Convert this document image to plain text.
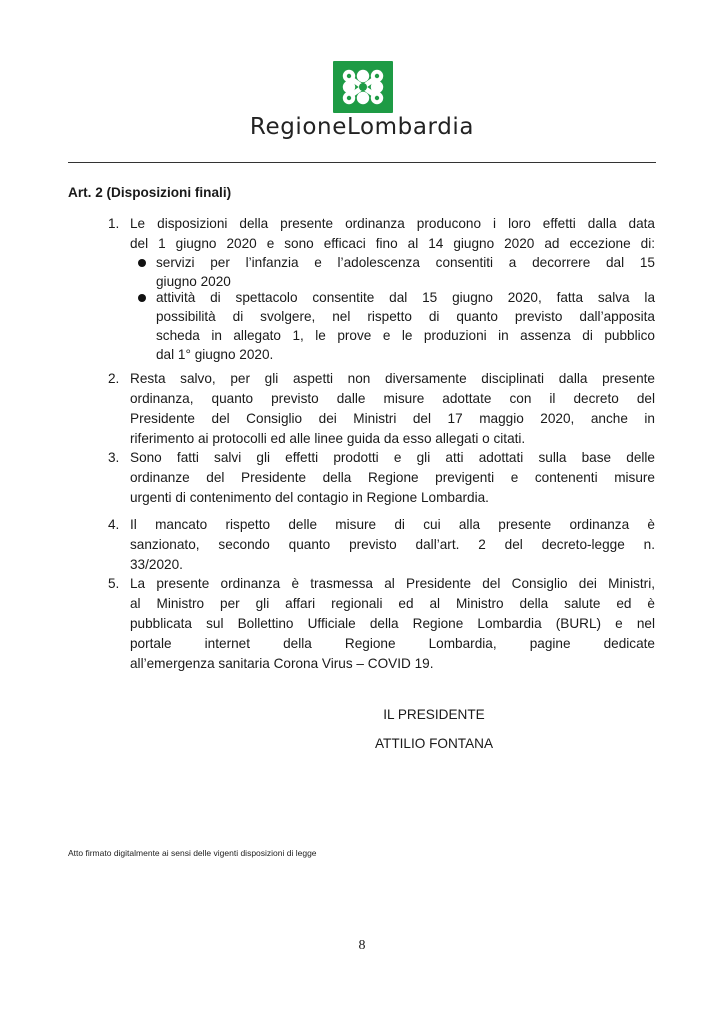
RegioneLombardia
Art. 2 (Disposizioni finali)
1. Le disposizioni della presente ordinanza producono i loro effetti dalla data
del 1 giugno 2020 e sono efficaci fino al 14 giugno 2020 ad eccezione di:
servizi per l’infanzia e l’adolescenza consentiti a decorrere dal 15
giugno 2020
attività di spettacolo consentite dal 15 giugno 2020, fatta salva la
possibilità di svolgere, nel rispetto di quanto previsto dall’apposita
scheda in allegato 1, le prove e le produzioni in assenza di pubblico
dal 1° giugno 2020.
2. Resta salvo, per gli aspetti non diversamente disciplinati dalla presente
ordinanza, quanto previsto dalle misure adottate con il decreto del
Presidente del Consiglio dei Ministri del 17 maggio 2020, anche in
riferimento ai protocolli ed alle linee guida da esso allegati o citati.
3. Sono fatti salvi gli effetti prodotti e gli atti adottati sulla base delle
ordinanze del Presidente della Regione previgenti e contenenti misure
urgenti di contenimento del contagio in Regione Lombardia.
4. Il mancato rispetto delle misure di cui alla presente ordinanza è
sanzionato, secondo quanto previsto dall’art. 2 del decreto-legge n.
33/2020.
5. La presente ordinanza è trasmessa al Presidente del Consiglio dei Ministri,
al Ministro per gli affari regionali ed al Ministro della salute ed è
pubblicata sul Bollettino Ufficiale della Regione Lombardia (BURL) e nel
portale internet della Regione Lombardia, pagine dedicate
all’emergenza sanitaria Corona Virus – COVID 19.
IL PRESIDENTE
ATTILIO FONTANA
Atto firmato digitalmente ai sensi delle vigenti disposizioni di legge
8
